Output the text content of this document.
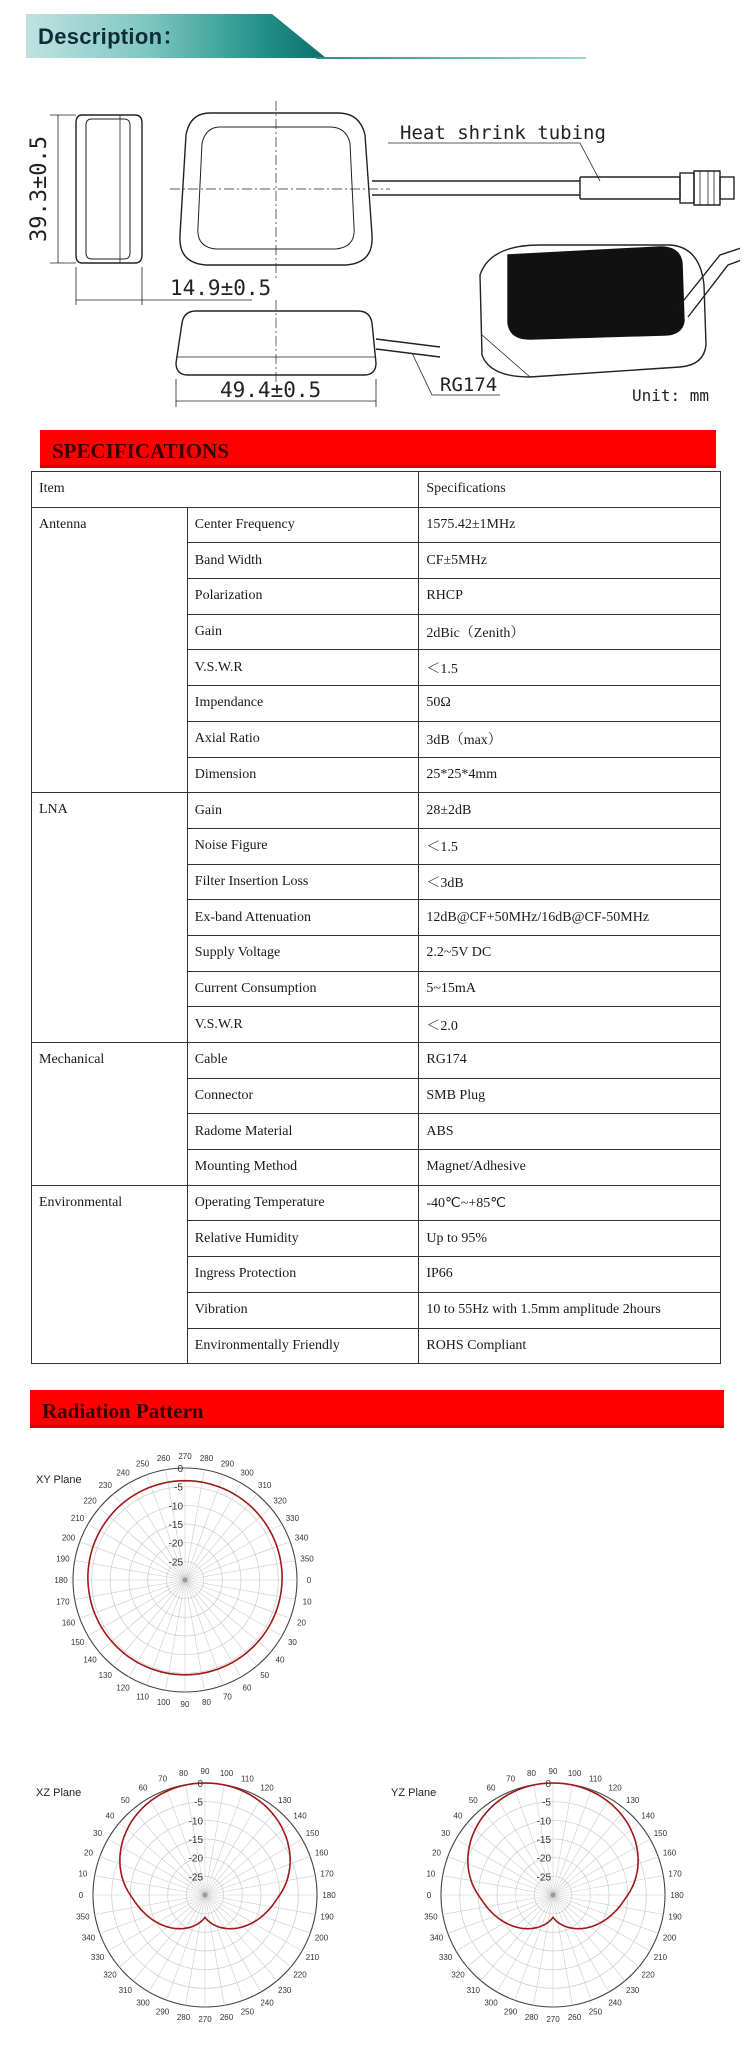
Description：
39.3±0.5
14.9±0.5
Heat shrink tubing
49.4±0.5	RG174	Unit: mm
SPECIFICATIONS
Item		Specifications
Antenna	Center Frequency	1575.42±1MHz
	Band Width	CF±5MHz
	Polarization	RHCP
	Gain	2dBic（Zenith）
	V.S.W.R	＜1.5
	Impendance	50Ω
	Axial Ratio	3dB（max）
	Dimension	25*25*4mm
LNA	Gain	28±2dB
	Noise Figure	＜1.5
	Filter Insertion Loss	＜3dB
	Ex-band Attenuation	12dB@CF+50MHz/16dB@CF-50MHz
	Supply Voltage	2.2~5V DC
	Current Consumption	5~15mA
	V.S.W.R	＜2.0
Mechanical	Cable	RG174
	Connector	SMB Plug
	Radome Material	ABS
	Mounting Method	Magnet/Adhesive
Environmental	Operating Temperature	-40℃~+85℃
	Relative Humidity	Up to 95%
	Ingress Protection	IP66
	Vibration	10 to 55Hz with 1.5mm amplitude 2hours
	Environmentally Friendly	ROHS Compliant
Radiation Pattern
XY Plane
XZ Plane	YZ Plane
0
10
20
30
40
50
60
70
80
90
100
110
120
130
140
150
160
170
180
190
200
210
220
230
240
250
260 270 280
290
300
310
320
330
340
350
0
-5
-10
-15
-20
-25
0
10
20
30
40
50
60
70
80 90 100
110
120
130
140
150
160
170
180
190
200
210
220
230
240
250
260
270
280
290
300
310
320
330
340
350
0
-5
-10
-15
-20
-25
0
10
20
30
40
50
60
70
80 90 100
110
120
130
140
150
160
170
180
190
200
210
220
230
240
250
260
270
280
290
300
310
320
330
340
350
0
-5
-10
-15
-20
-25
